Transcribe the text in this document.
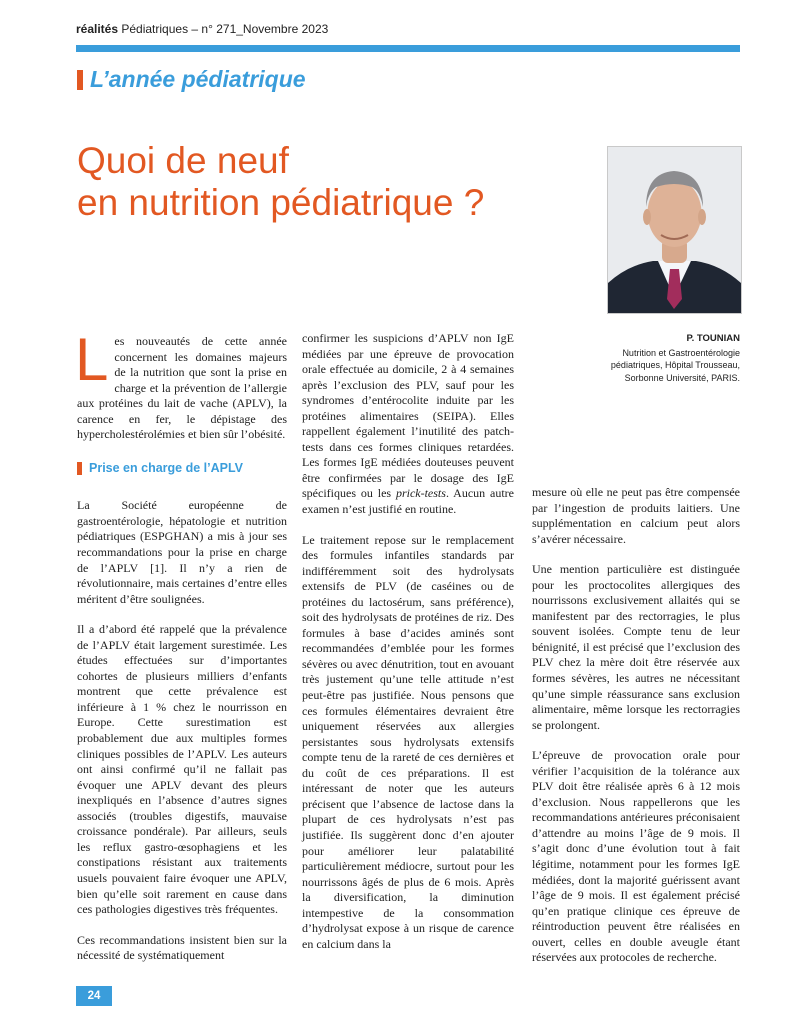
réalités Pédiatriques – n° 271_Novembre 2023
L’année pédiatrique
Quoi de neuf
en nutrition pédiatrique ?
P. TOUNIAN
Nutrition et Gastroentérologie
pédiatriques, Hôpital Trousseau,
Sorbonne Université, PARIS.

Les nouveautés de cette année concernent les domaines majeurs de la nutrition que sont la prise en charge et la prévention de l’allergie aux protéines du lait de vache (APLV), la carence en fer, le dépistage des hypercholestérolémies et bien sûr l’obésité.

Prise en charge de l’APLV

La Société européenne de gastroentérologie, hépatologie et nutrition pédiatriques (ESPGHAN) a mis à jour ses recommandations pour la prise en charge de l’APLV [1]. Il n’y a rien de révolutionnaire, mais certaines d’entre elles méritent d’être soulignées.

Il a d’abord été rappelé que la prévalence de l’APLV était largement surestimée. Les études effectuées sur d’importantes cohortes de plusieurs milliers d’enfants montrent que cette prévalence est inférieure à 1 % chez le nourrisson en Europe. Cette surestimation est probablement due aux multiples formes cliniques possibles de l’APLV. Les auteurs ont ainsi confirmé qu’il ne fallait pas évoquer une APLV devant des pleurs inexpliqués en l’absence d’autres signes associés (troubles digestifs, mauvaise croissance pondérale). Par ailleurs, seuls les reflux gastro-œsophagiens et les constipations résistant aux traitements usuels pouvaient faire évoquer une APLV, bien qu’elle soit rarement en cause dans ces pathologies digestives très fréquentes.

Ces recommandations insistent bien sur la nécessité de systématiquement

confirmer les suspicions d’APLV non IgE médiées par une épreuve de provocation orale effectuée au domicile, 2 à 4 semaines après l’exclusion des PLV, sauf pour les syndromes d’entérocolite induite par les protéines alimentaires (SEIPA). Elles rappellent également l’inutilité des patch-tests dans ces formes cliniques retardées. Les formes IgE médiées douteuses peuvent être confirmées par le dosage des IgE spécifiques ou les prick-tests. Aucun autre examen n’est justifié en routine.

Le traitement repose sur le remplacement des formules infantiles standards par indifféremment soit des hydrolysats extensifs de PLV (de caséines ou de protéines du lactosérum, sans préférence), soit des hydrolysats de protéines de riz. Des formules à base d’acides aminés sont recommandées d’emblée pour les formes sévères ou avec dénutrition, tout en avouant très justement qu’une telle attitude n’est peut-être pas justifiée. Nous pensons que ces formules élémentaires devraient être uniquement réservées aux allergies persistantes sous hydrolysats extensifs compte tenu de la rareté de ces dernières et du coût de ces préparations. Il est intéressant de noter que les auteurs précisent que l’absence de lactose dans la plupart de ces hydrolysats n’est pas justifiée. Ils suggèrent donc d’en ajouter pour améliorer leur palatabilité particulièrement médiocre, surtout pour les nourrissons âgés de plus de 6 mois. Après la diversification, la diminution intempestive de la consommation d’hydrolysat expose à un risque de carence en calcium dans la

mesure où elle ne peut pas être compensée par l’ingestion de produits laitiers. Une supplémentation en calcium peut alors s’avérer nécessaire.

Une mention particulière est distinguée pour les proctocolites allergiques des nourrissons exclusivement allaités qui se manifestent par des rectorragies, le plus souvent isolées. Compte tenu de leur bénignité, il est précisé que l’exclusion des PLV chez la mère doit être réservée aux formes sévères, les autres ne nécessitant qu’une simple réassurance sans exclusion alimentaire, même lorsque les rectorragies se prolongent.

L’épreuve de provocation orale pour vérifier l’acquisition de la tolérance aux PLV doit être réalisée après 6 à 12 mois d’exclusion. Nous rappellerons que les recommandations antérieures préconisaient d’attendre au moins l’âge de 9 mois. Il s’agit donc d’une évolution tout à fait légitime, notamment pour les formes IgE médiées, dont la majorité guérissent avant l’âge de 9 mois. Il est également précisé qu’en pratique clinique ces épreuve de réintroduction peuvent être réalisées en ouvert, celles en double aveugle étant réservées aux protocoles de recherche.

24
